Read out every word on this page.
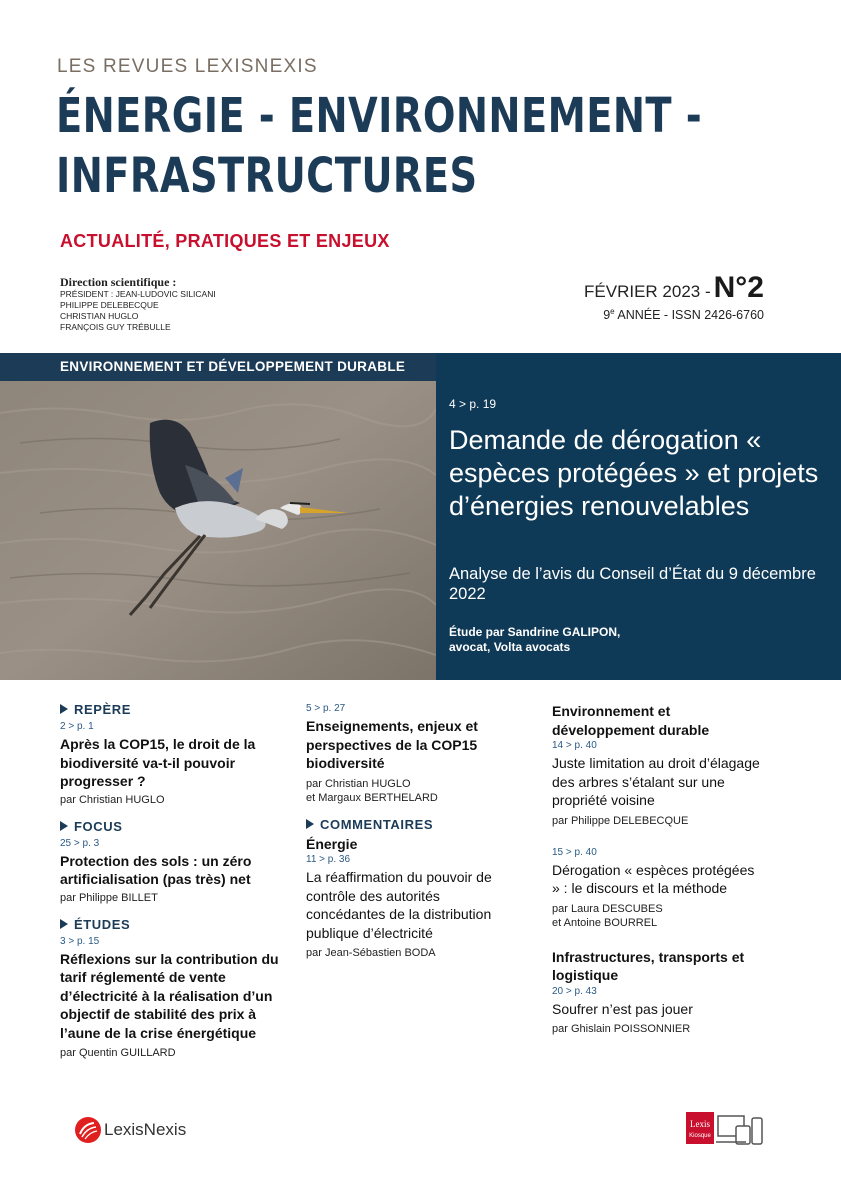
LES REVUES LEXISNEXIS
ÉNERGIE - ENVIRONNEMENT -
INFRASTRUCTURES
ACTUALITÉ, PRATIQUES ET ENJEUX
Direction scientifique :
PRÉSIDENT : JEAN-LUDOVIC SILICANI
PHILIPPE DELEBECQUE
CHRISTIAN HUGLO
FRANÇOIS GUY TRÉBULLE
FÉVRIER 2023 - N°2
9e ANNÉE - ISSN 2426-6760
ENVIRONNEMENT ET DÉVELOPPEMENT DURABLE
4 > p. 19
Demande de dérogation « espèces protégées » et projets d’énergies renouvelables
Analyse de l’avis du Conseil d’État du 9 décembre 2022
Étude par Sandrine GALIPON,
avocat, Volta avocats
REPÈRE
2 > p. 1
Après la COP15, le droit de la biodiversité va-t-il pouvoir progresser ?
par Christian HUGLO
FOCUS
25 > p. 3
Protection des sols : un zéro artificialisation (pas très) net
par Philippe BILLET
ÉTUDES
3 > p. 15
Réflexions sur la contribution du tarif réglementé de vente d’électricité à la réalisation d’un objectif de stabilité des prix à l’aune de la crise énergétique
par Quentin GUILLARD
5 > p. 27
Enseignements, enjeux et perspectives de la COP15 biodiversité
par Christian HUGLO
et Margaux BERTHELARD
COMMENTAIRES
Énergie
11 > p. 36
La réaffirmation du pouvoir de contrôle des autorités concédantes de la distribution publique d’électricité
par Jean-Sébastien BODA
Environnement et développement durable
14 > p. 40
Juste limitation au droit d’élagage des arbres s’étalant sur une propriété voisine
par Philippe DELEBECQUE
15 > p. 40
Dérogation « espèces protégées » : le discours et la méthode
par Laura DESCUBES
et Antoine BOURREL
Infrastructures, transports et logistique
20 > p. 43
Soufrer n’est pas jouer
par Ghislain POISSONNIER
LexisNexis	Lexis
Kiosque
